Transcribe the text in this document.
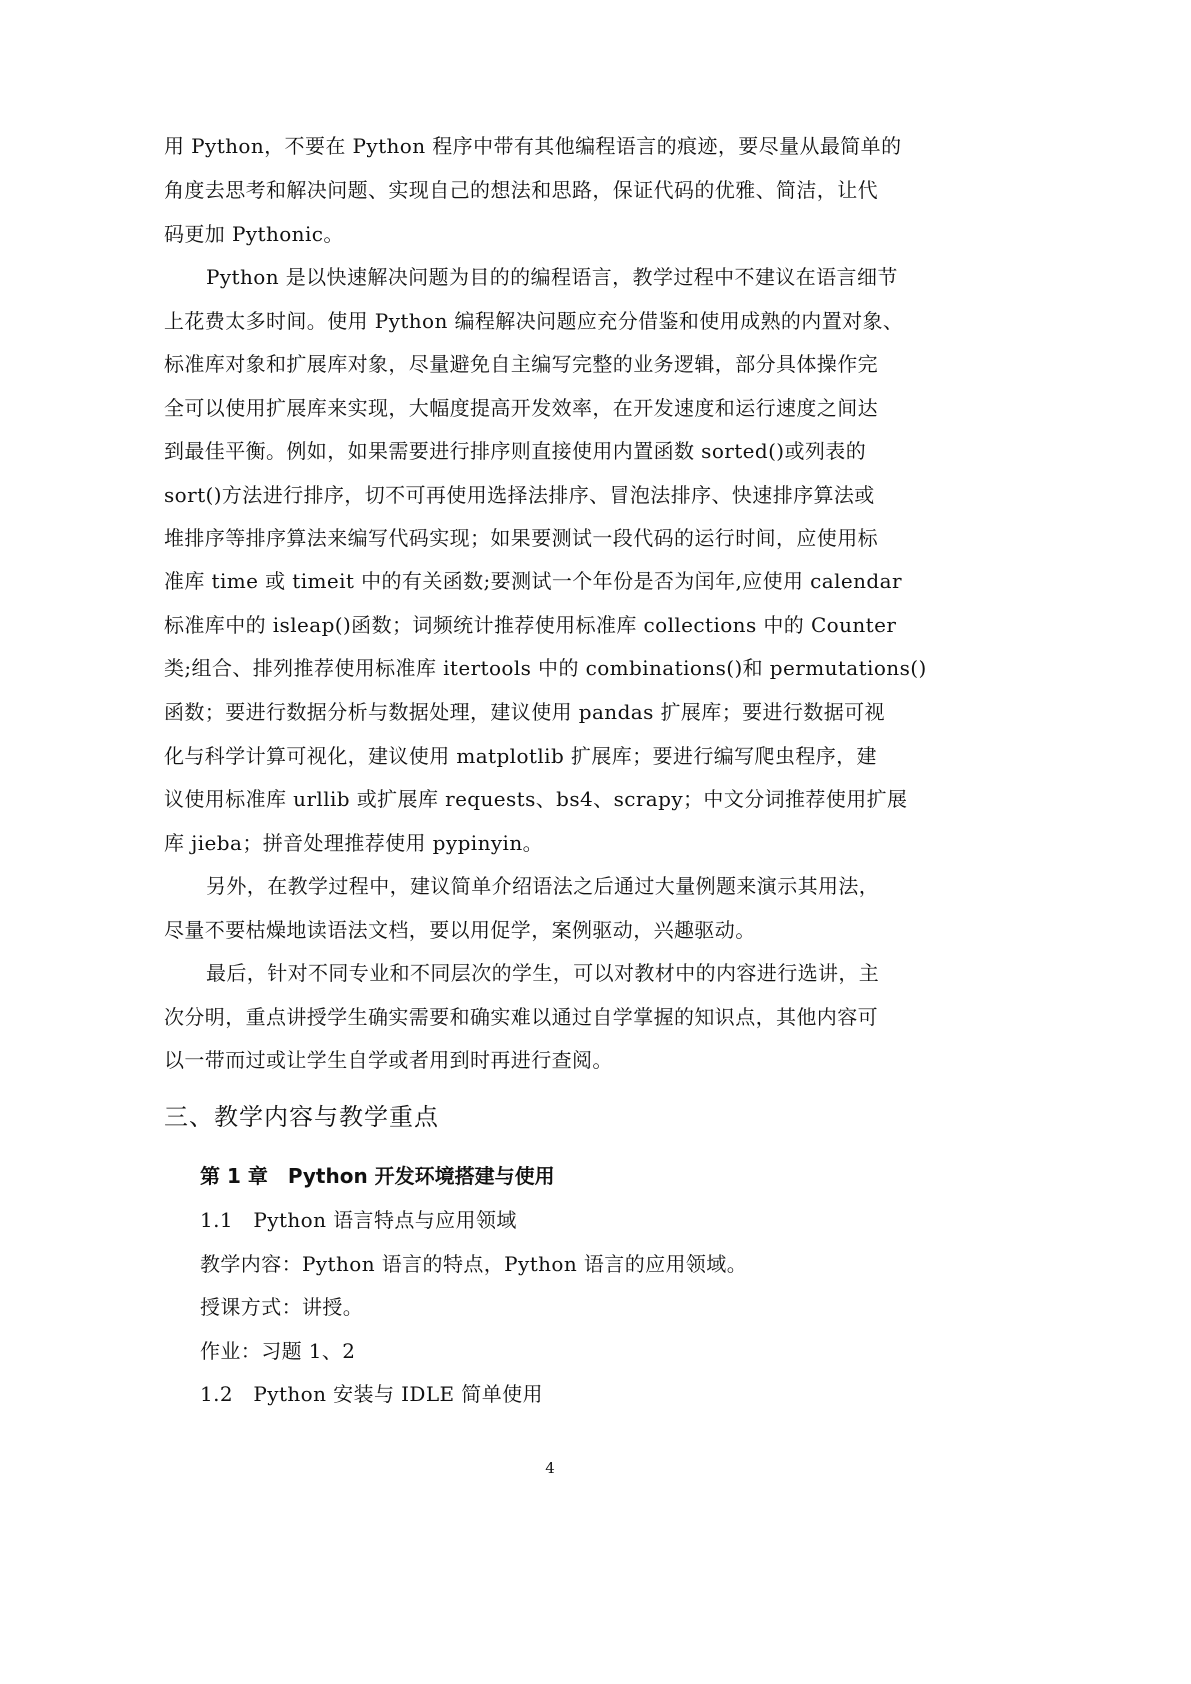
用 Python，不要在 Python 程序中带有其他编程语言的痕迹，要尽量从最简单的
角度去思考和解决问题、实现自己的想法和思路，保证代码的优雅、简洁，让代
码更加 Pythonic。
Python 是以快速解决问题为目的的编程语言，教学过程中不建议在语言细节
上花费太多时间。使用 Python 编程解决问题应充分借鉴和使用成熟的内置对象、
标准库对象和扩展库对象，尽量避免自主编写完整的业务逻辑，部分具体操作完
全可以使用扩展库来实现，大幅度提高开发效率，在开发速度和运行速度之间达
到最佳平衡。例如，如果需要进行排序则直接使用内置函数 sorted()或列表的
sort()方法进行排序，切不可再使用选择法排序、冒泡法排序、快速排序算法或
堆排序等排序算法来编写代码实现；如果要测试一段代码的运行时间，应使用标
准库 time 或 timeit 中的有关函数;要测试一个年份是否为闰年,应使用 calendar
标准库中的 isleap()函数；词频统计推荐使用标准库 collections 中的 Counter
类;组合、排列推荐使用标准库 itertools 中的 combinations()和 permutations()
函数；要进行数据分析与数据处理，建议使用 pandas 扩展库；要进行数据可视
化与科学计算可视化，建议使用 matplotlib 扩展库；要进行编写爬虫程序，建
议使用标准库 urllib 或扩展库 requests、bs4、scrapy；中文分词推荐使用扩展
库 jieba；拼音处理推荐使用 pypinyin。
另外，在教学过程中，建议简单介绍语法之后通过大量例题来演示其用法，
尽量不要枯燥地读语法文档，要以用促学，案例驱动，兴趣驱动。
最后，针对不同专业和不同层次的学生，可以对教材中的内容进行选讲，主
次分明，重点讲授学生确实需要和确实难以通过自学掌握的知识点，其他内容可
以一带而过或让学生自学或者用到时再进行查阅。
三、教学内容与教学重点
第 1 章 Python 开发环境搭建与使用
1.1　Python 语言特点与应用领域
教学内容：Python 语言的特点，Python 语言的应用领域。
授课方式：讲授。
作业：习题 1、2
1.2　Python 安装与 IDLE 简单使用
4
